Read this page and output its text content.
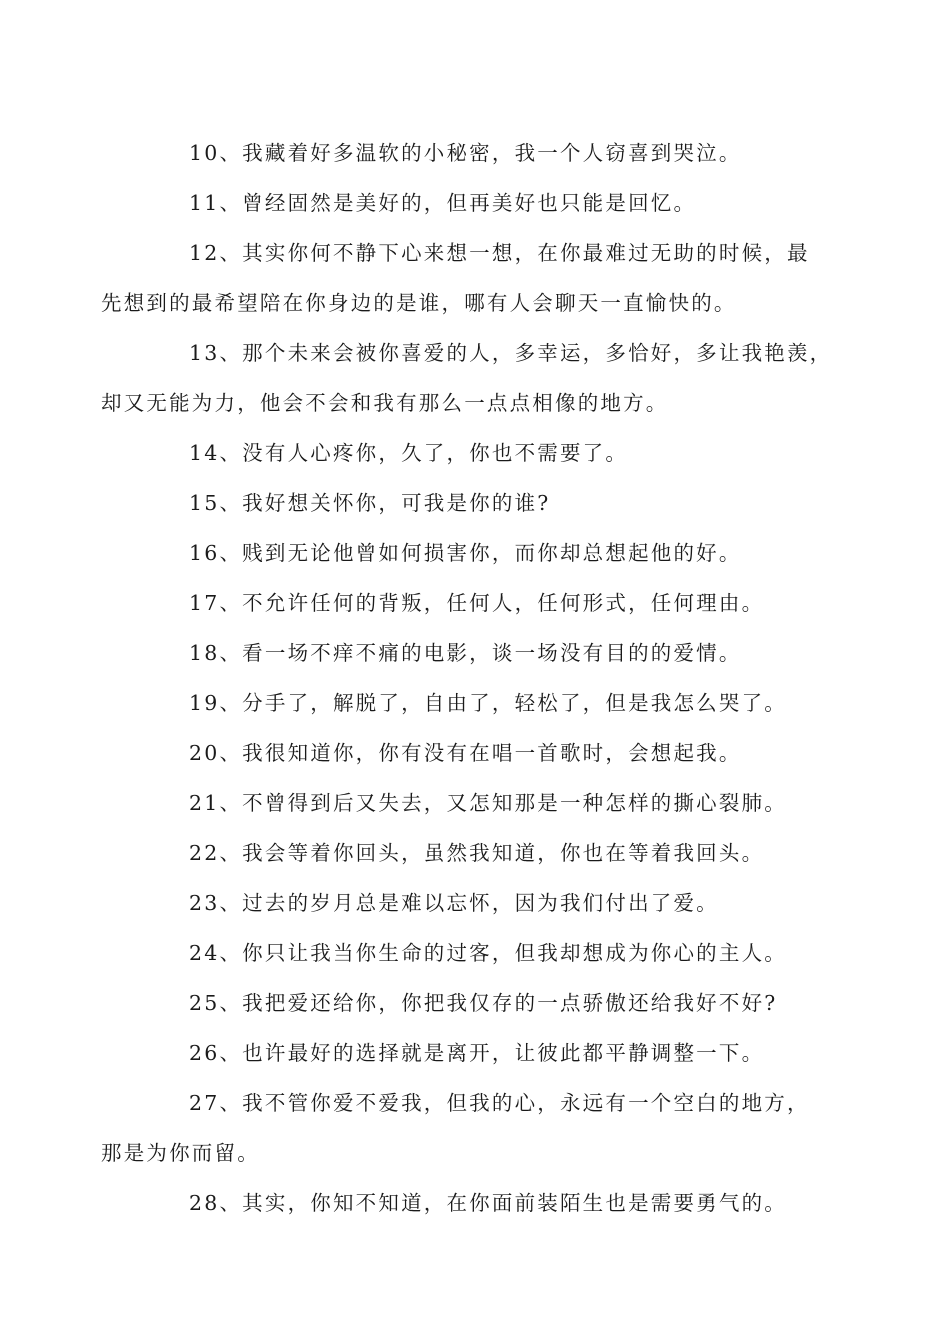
10、我藏着好多温软的小秘密，我一个人窃喜到哭泣。

11、曾经固然是美好的，但再美好也只能是回忆。

12、其实你何不静下心来想一想，在你最难过无助的时候，最
先想到的最希望陪在你身边的是谁，哪有人会聊天一直愉快的。

13、那个未来会被你喜爱的人，多幸运，多恰好，多让我艳羡，
却又无能为力，他会不会和我有那么一点点相像的地方。

14、没有人心疼你，久了，你也不需要了。

15、我好想关怀你，可我是你的谁?

16、贱到无论他曾如何损害你，而你却总想起他的好。

17、不允许任何的背叛，任何人，任何形式，任何理由。

18、看一场不痒不痛的电影，谈一场没有目的的爱情。

19、分手了，解脱了，自由了，轻松了，但是我怎么哭了。

20、我很知道你，你有没有在唱一首歌时，会想起我。

21、不曾得到后又失去，又怎知那是一种怎样的撕心裂肺。

22、我会等着你回头，虽然我知道，你也在等着我回头。

23、过去的岁月总是难以忘怀，因为我们付出了爱。

24、你只让我当你生命的过客，但我却想成为你心的主人。

25、我把爱还给你，你把我仅存的一点骄傲还给我好不好?

26、也许最好的选择就是离开，让彼此都平静调整一下。

27、我不管你爱不爱我，但我的心，永远有一个空白的地方，
那是为你而留。

28、其实，你知不知道，在你面前装陌生也是需要勇气的。
